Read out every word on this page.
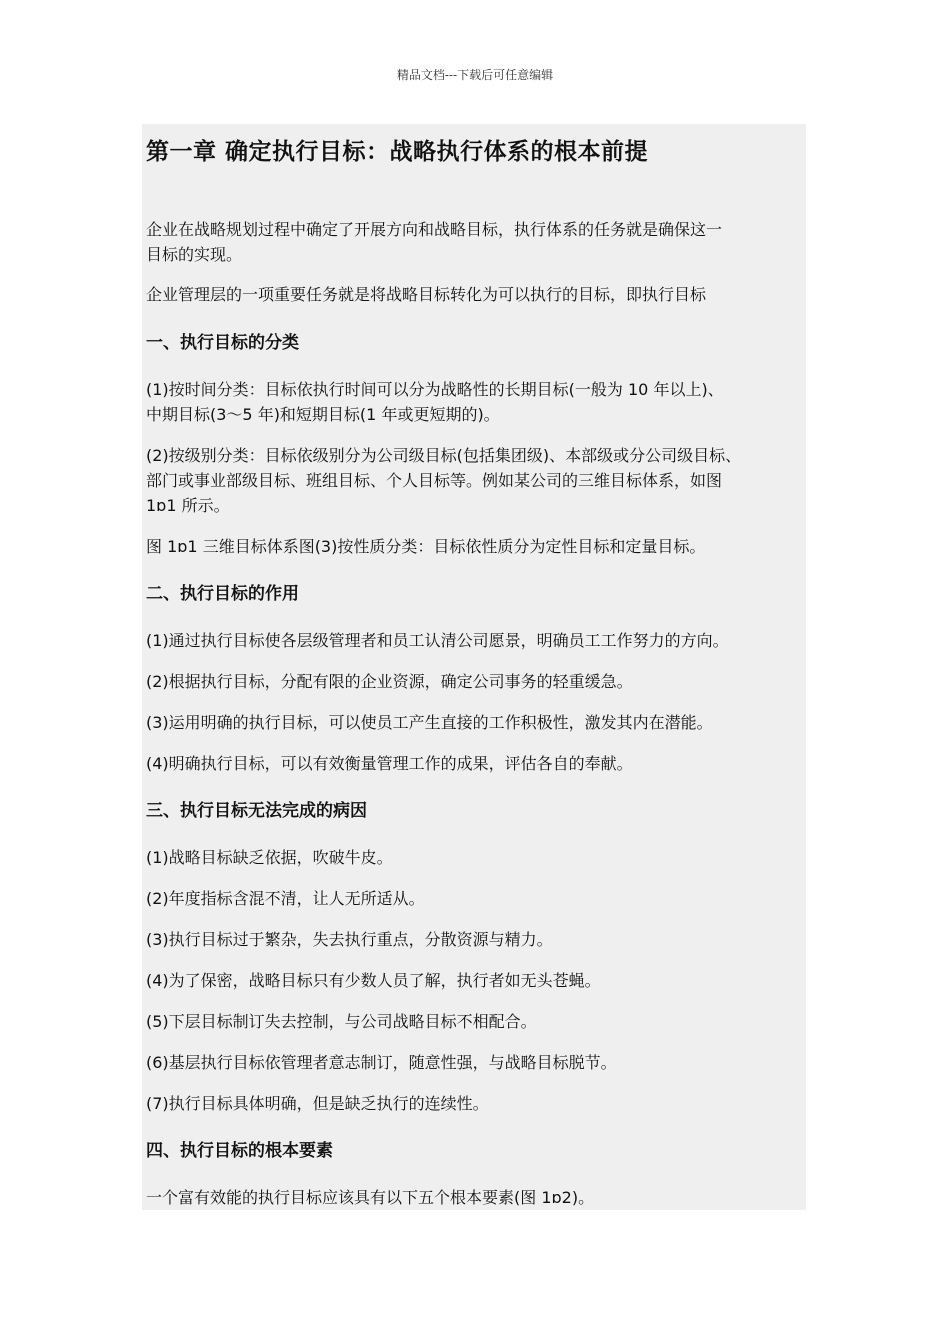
精品文档---下载后可任意编辑
第一章 确定执行目标：战略执行体系的根本前提

企业在战略规划过程中确定了开展方向和战略目标，执行体系的任务就是确保这一

目标的实现。

企业管理层的一项重要任务就是将战略目标转化为可以执行的目标，即执行目标

一、执行目标的分类

(1)按时间分类：目标依执行时间可以分为战略性的长期目标(一般为 10 年以上)、

中期目标(3～5 年)和短期目标(1 年或更短期的)。

(2)按级别分类：目标依级别分为公司级目标(包括集团级)、本部级或分公司级目标、

部门或事业部级目标、班组目标、个人目标等。例如某公司的三维目标体系，如图

1ɒ1 所示。

图 1ɒ1 三维目标体系图(3)按性质分类：目标依性质分为定性目标和定量目标。

二、执行目标的作用

(1)通过执行目标使各层级管理者和员工认清公司愿景，明确员工工作努力的方向。

(2)根据执行目标，分配有限的企业资源，确定公司事务的轻重缓急。

(3)运用明确的执行目标，可以使员工产生直接的工作积极性，激发其内在潜能。

(4)明确执行目标，可以有效衡量管理工作的成果，评估各自的奉献。

三、执行目标无法完成的病因

(1)战略目标缺乏依据，吹破牛皮。

(2)年度指标含混不清，让人无所适从。

(3)执行目标过于繁杂，失去执行重点，分散资源与精力。

(4)为了保密，战略目标只有少数人员了解，执行者如无头苍蝇。

(5)下层目标制订失去控制，与公司战略目标不相配合。

(6)基层执行目标依管理者意志制订，随意性强，与战略目标脱节。

(7)执行目标具体明确，但是缺乏执行的连续性。

四、执行目标的根本要素

一个富有效能的执行目标应该具有以下五个根本要素(图 1ɒ2)。
